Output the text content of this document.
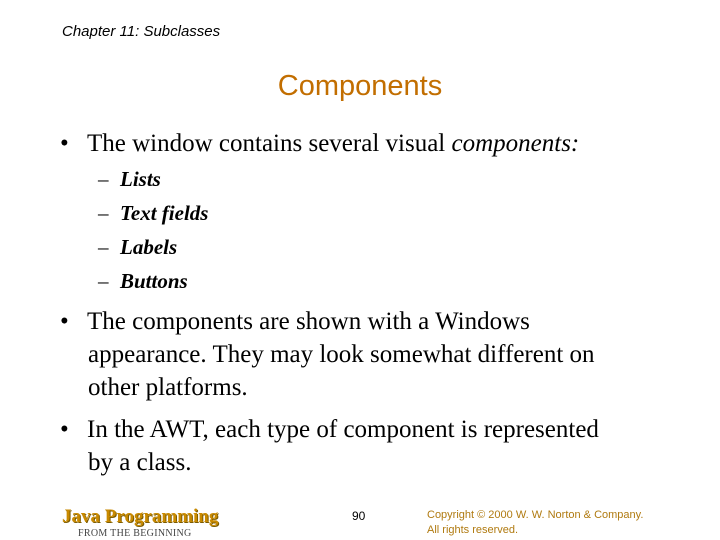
Chapter 11: Subclasses
Components
• The window contains several visual components:
– Lists
– Text fields
– Labels
– Buttons
• The components are shown with a Windows
appearance. They may look somewhat different on
other platforms.
• In the AWT, each type of component is represented
by a class.
Java Programming
FROM THE BEGINNING
90	Copyright © 2000 W. W. Norton & Company.
All rights reserved.
